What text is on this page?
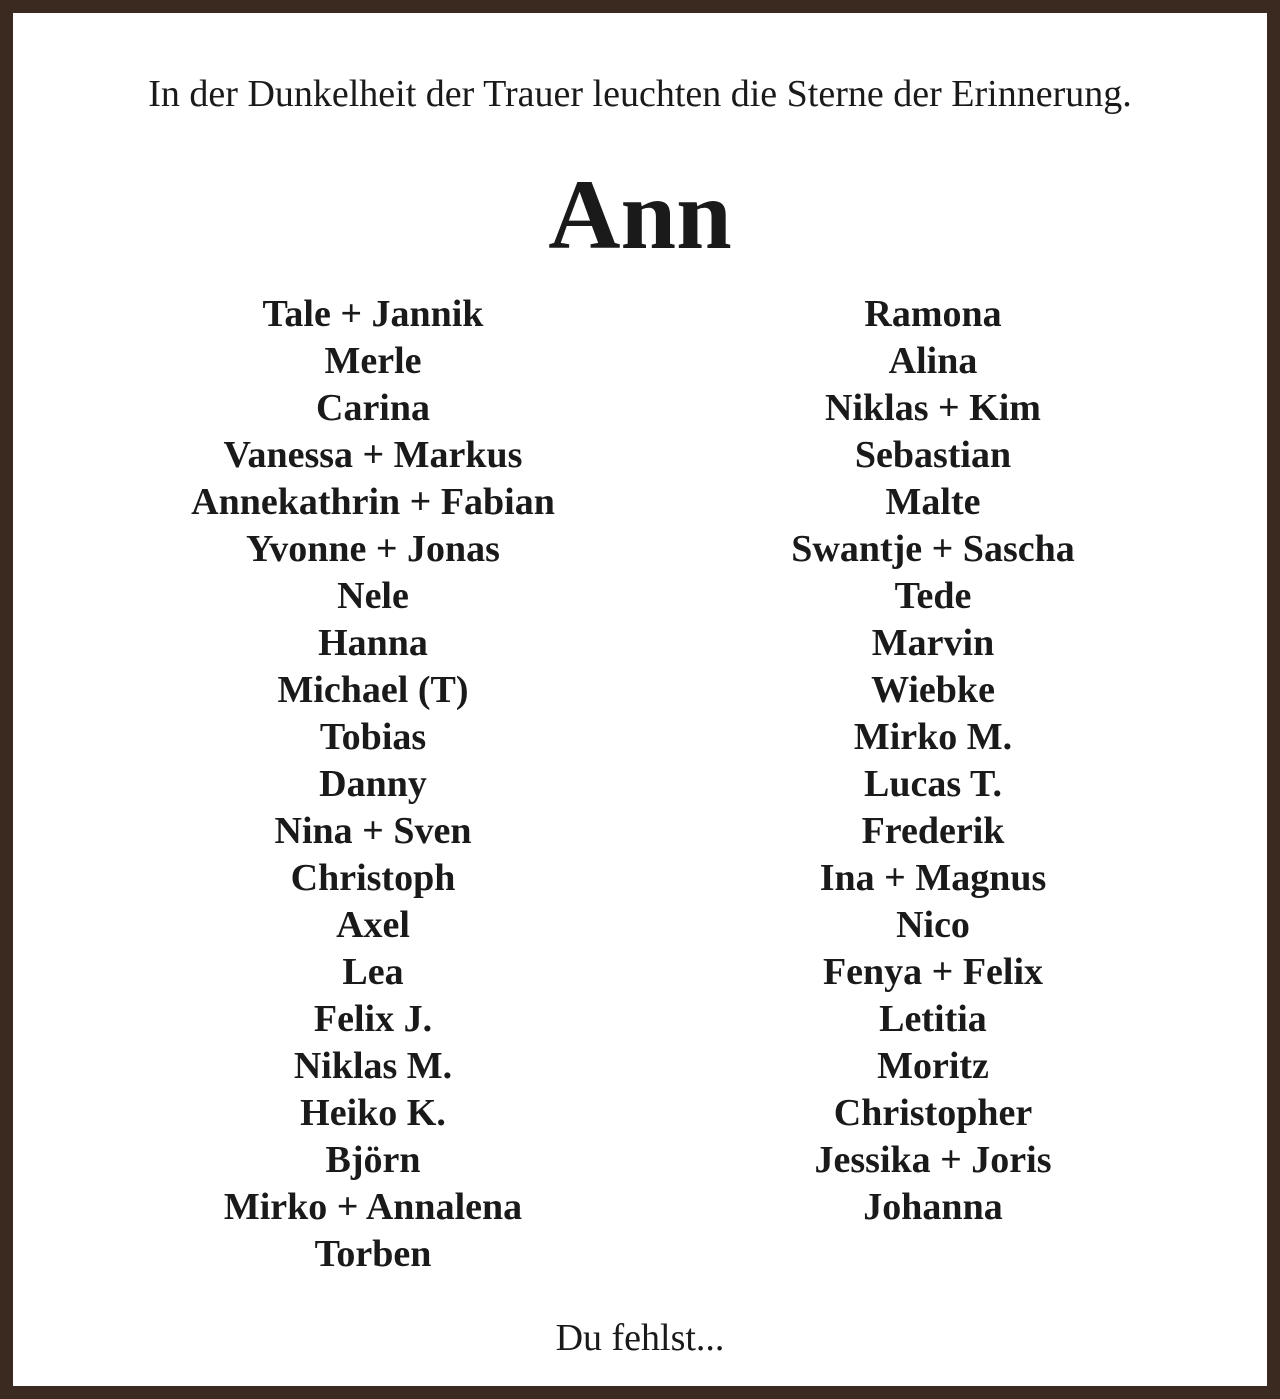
In der Dunkelheit der Trauer leuchten die Sterne der Erinnerung.
Ann
Tale + Jannik
Merle
Carina
Vanessa + Markus
Annekathrin + Fabian
Yvonne + Jonas
Nele
Hanna
Michael (T)
Tobias
Danny
Nina + Sven
Christoph
Axel
Lea
Felix J.
Niklas M.
Heiko K.
Björn
Mirko + Annalena
Torben
Ramona
Alina
Niklas + Kim
Sebastian
Malte
Swantje + Sascha
Tede
Marvin
Wiebke
Mirko M.
Lucas T.
Frederik
Ina + Magnus
Nico
Fenya + Felix
Letitia
Moritz
Christopher
Jessika + Joris
Johanna
Du fehlst...
